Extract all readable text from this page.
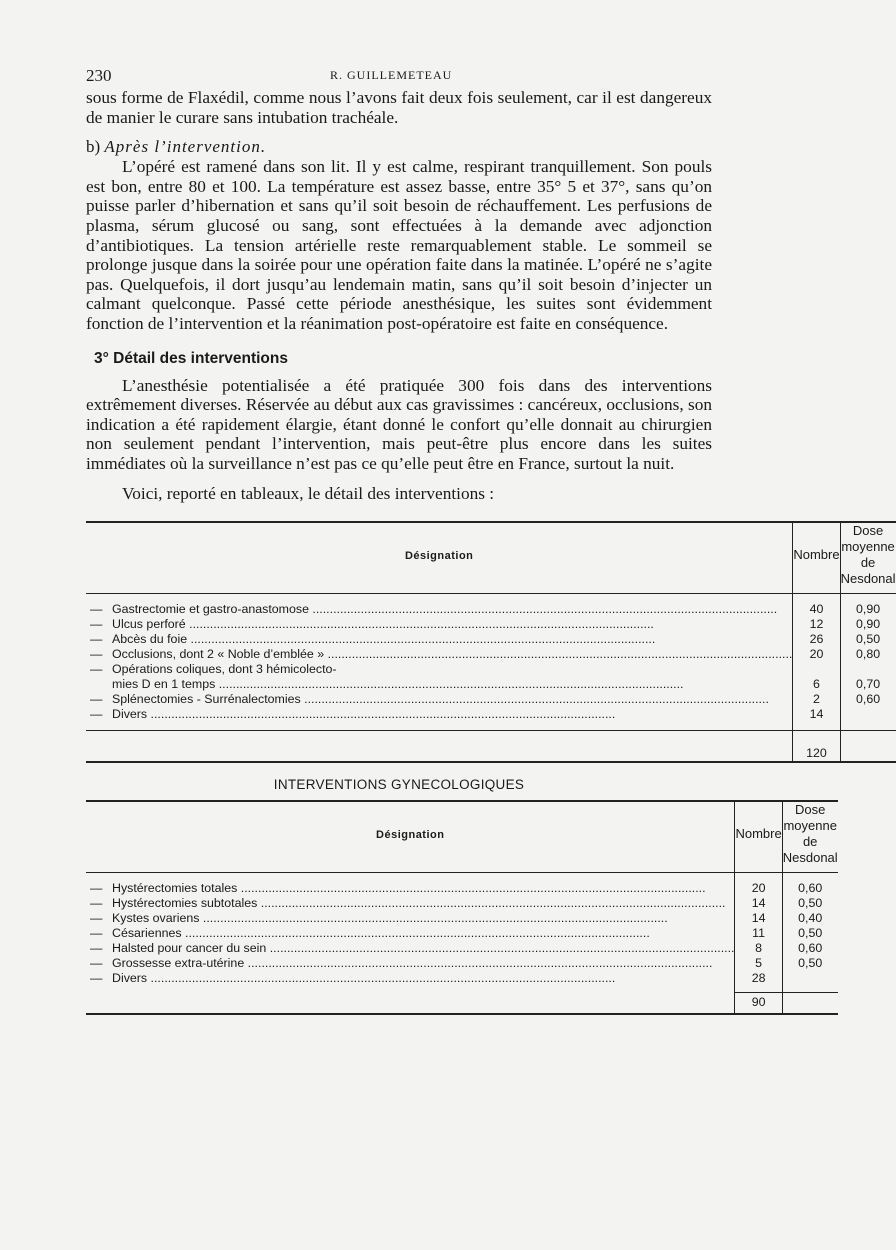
230	R. GUILLEMETEAU

sous forme de Flaxédil, comme nous l’avons fait deux fois seulement, car il est dangereux de manier le curare sans intubation trachéale.

b) Après l’intervention.

L’opéré est ramené dans son lit. Il y est calme, respirant tranquillement. Son pouls est bon, entre 80 et 100. La température est assez basse, entre 35° 5 et 37°, sans qu’on puisse parler d’hibernation et sans qu’il soit besoin de réchauffement. Les perfusions de plasma, sérum glucosé ou sang, sont effectuées à la demande avec adjonction d’antibiotiques. La tension artérielle reste remarquablement stable. Le sommeil se prolonge jusque dans la soirée pour une opération faite dans la matinée. L’opéré ne s’agite pas. Quelquefois, il dort jusqu’au lendemain matin, sans qu’il soit besoin d’injecter un calmant quelconque. Passé cette période anesthésique, les suites sont évidemment fonction de l’intervention et la réanimation post-opératoire est faite en conséquence.

3° Détail des interventions

L’anesthésie potentialisée a été pratiquée 300 fois dans des interventions extrêmement diverses. Réservée au début aux cas gravissimes : cancéreux, occlusions, son indication a été rapidement élargie, étant donné le confort qu’elle donnait au chirurgien non seulement pendant l’intervention, mais peut-être plus encore dans les suites immédiates où la surveillance n’est pas ce qu’elle peut être en France, surtout la nuit.

Voici, reporté en tableaux, le détail des interventions :

Désignation	Nombre	Dose moyenne
de Nesdonal

— Gastrectomie et gastro-anastomose .....	40	0,90

— Ulcus perforé .....	12	0,90

— Abcès du foie .....	26	0,50

— Occlusions, dont 2 « Noble d’emblée » .....	20	0,80

— Opérations coliques, dont 3 hémicolecto-		

mies D en 1 temps .....	6	0,70

— Splénectomies - Surrénalectomies .....	2	0,60

— Divers .....	14	

	120	
INTERVENTIONS GYNECOLOGIQUES
Désignation	Nombre	Dose moyenne
de Nesdonal

— Hystérectomies totales .....	20	0,60

— Hystérectomies subtotales .....	14	0,50

— Kystes ovariens .....	14	0,40

— Césariennes .....	11	0,50

— Halsted pour cancer du sein .....	8	0,60

— Grossesse extra-utérine .....	5	0,50

— Divers .....	28	

	90	
